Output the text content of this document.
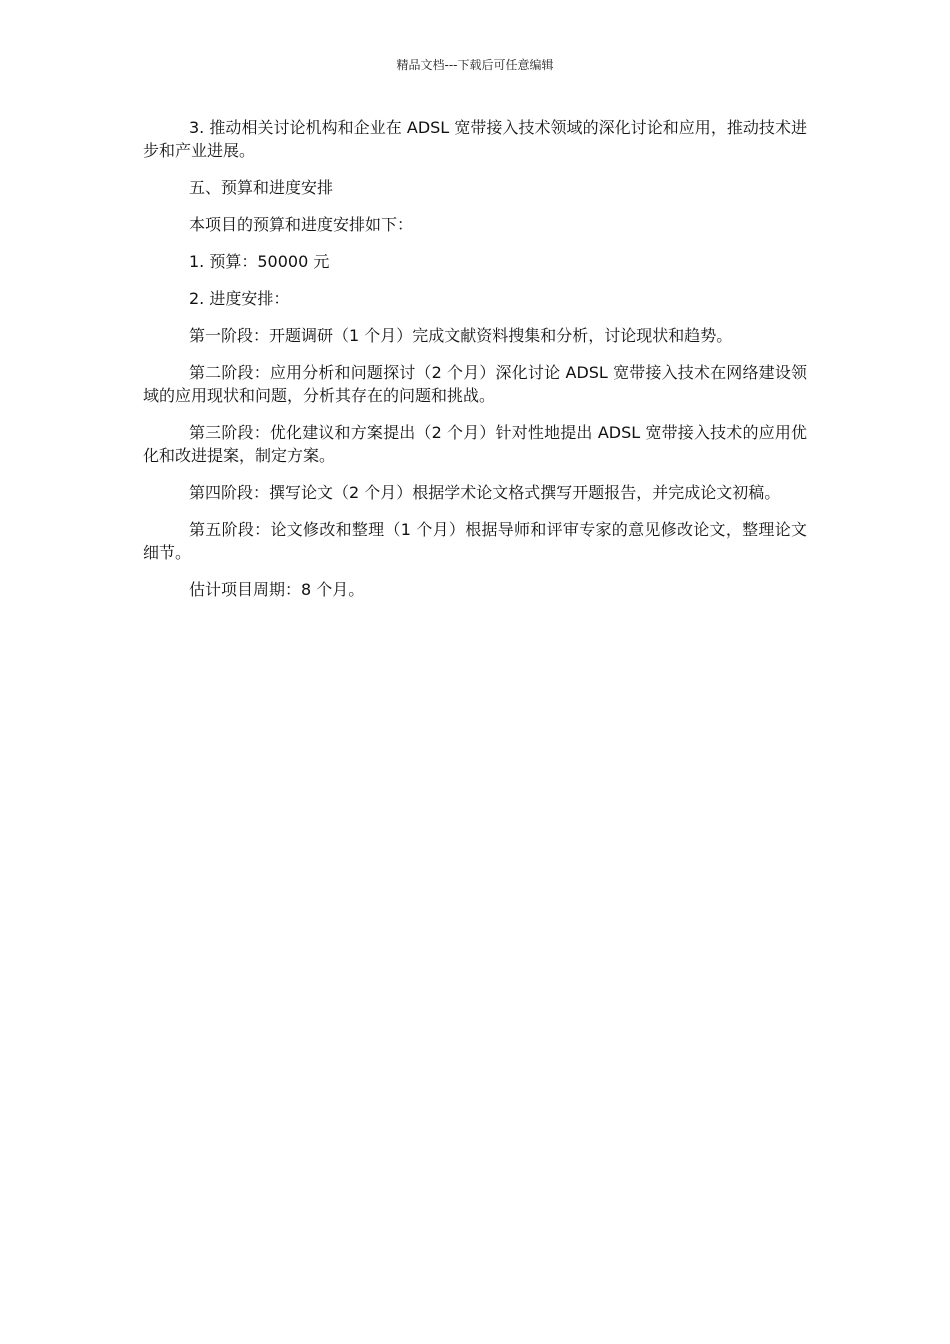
精品文档---下载后可任意编辑

3. 推动相关讨论机构和企业在 ADSL 宽带接入技术领域的深化讨论和应用，推动技术进步和产业进展。

五、预算和进度安排

本项目的预算和进度安排如下：

1. 预算：50000 元

2. 进度安排：

第一阶段：开题调研（1 个月）完成文献资料搜集和分析，讨论现状和趋势。

第二阶段：应用分析和问题探讨（2 个月）深化讨论 ADSL 宽带接入技术在网络建设领域的应用现状和问题，分析其存在的问题和挑战。

第三阶段：优化建议和方案提出（2 个月）针对性地提出 ADSL 宽带接入技术的应用优化和改进提案，制定方案。

第四阶段：撰写论文（2 个月）根据学术论文格式撰写开题报告，并完成论文初稿。

第五阶段：论文修改和整理（1 个月）根据导师和评审专家的意见修改论文，整理论文细节。

估计项目周期：8 个月。
